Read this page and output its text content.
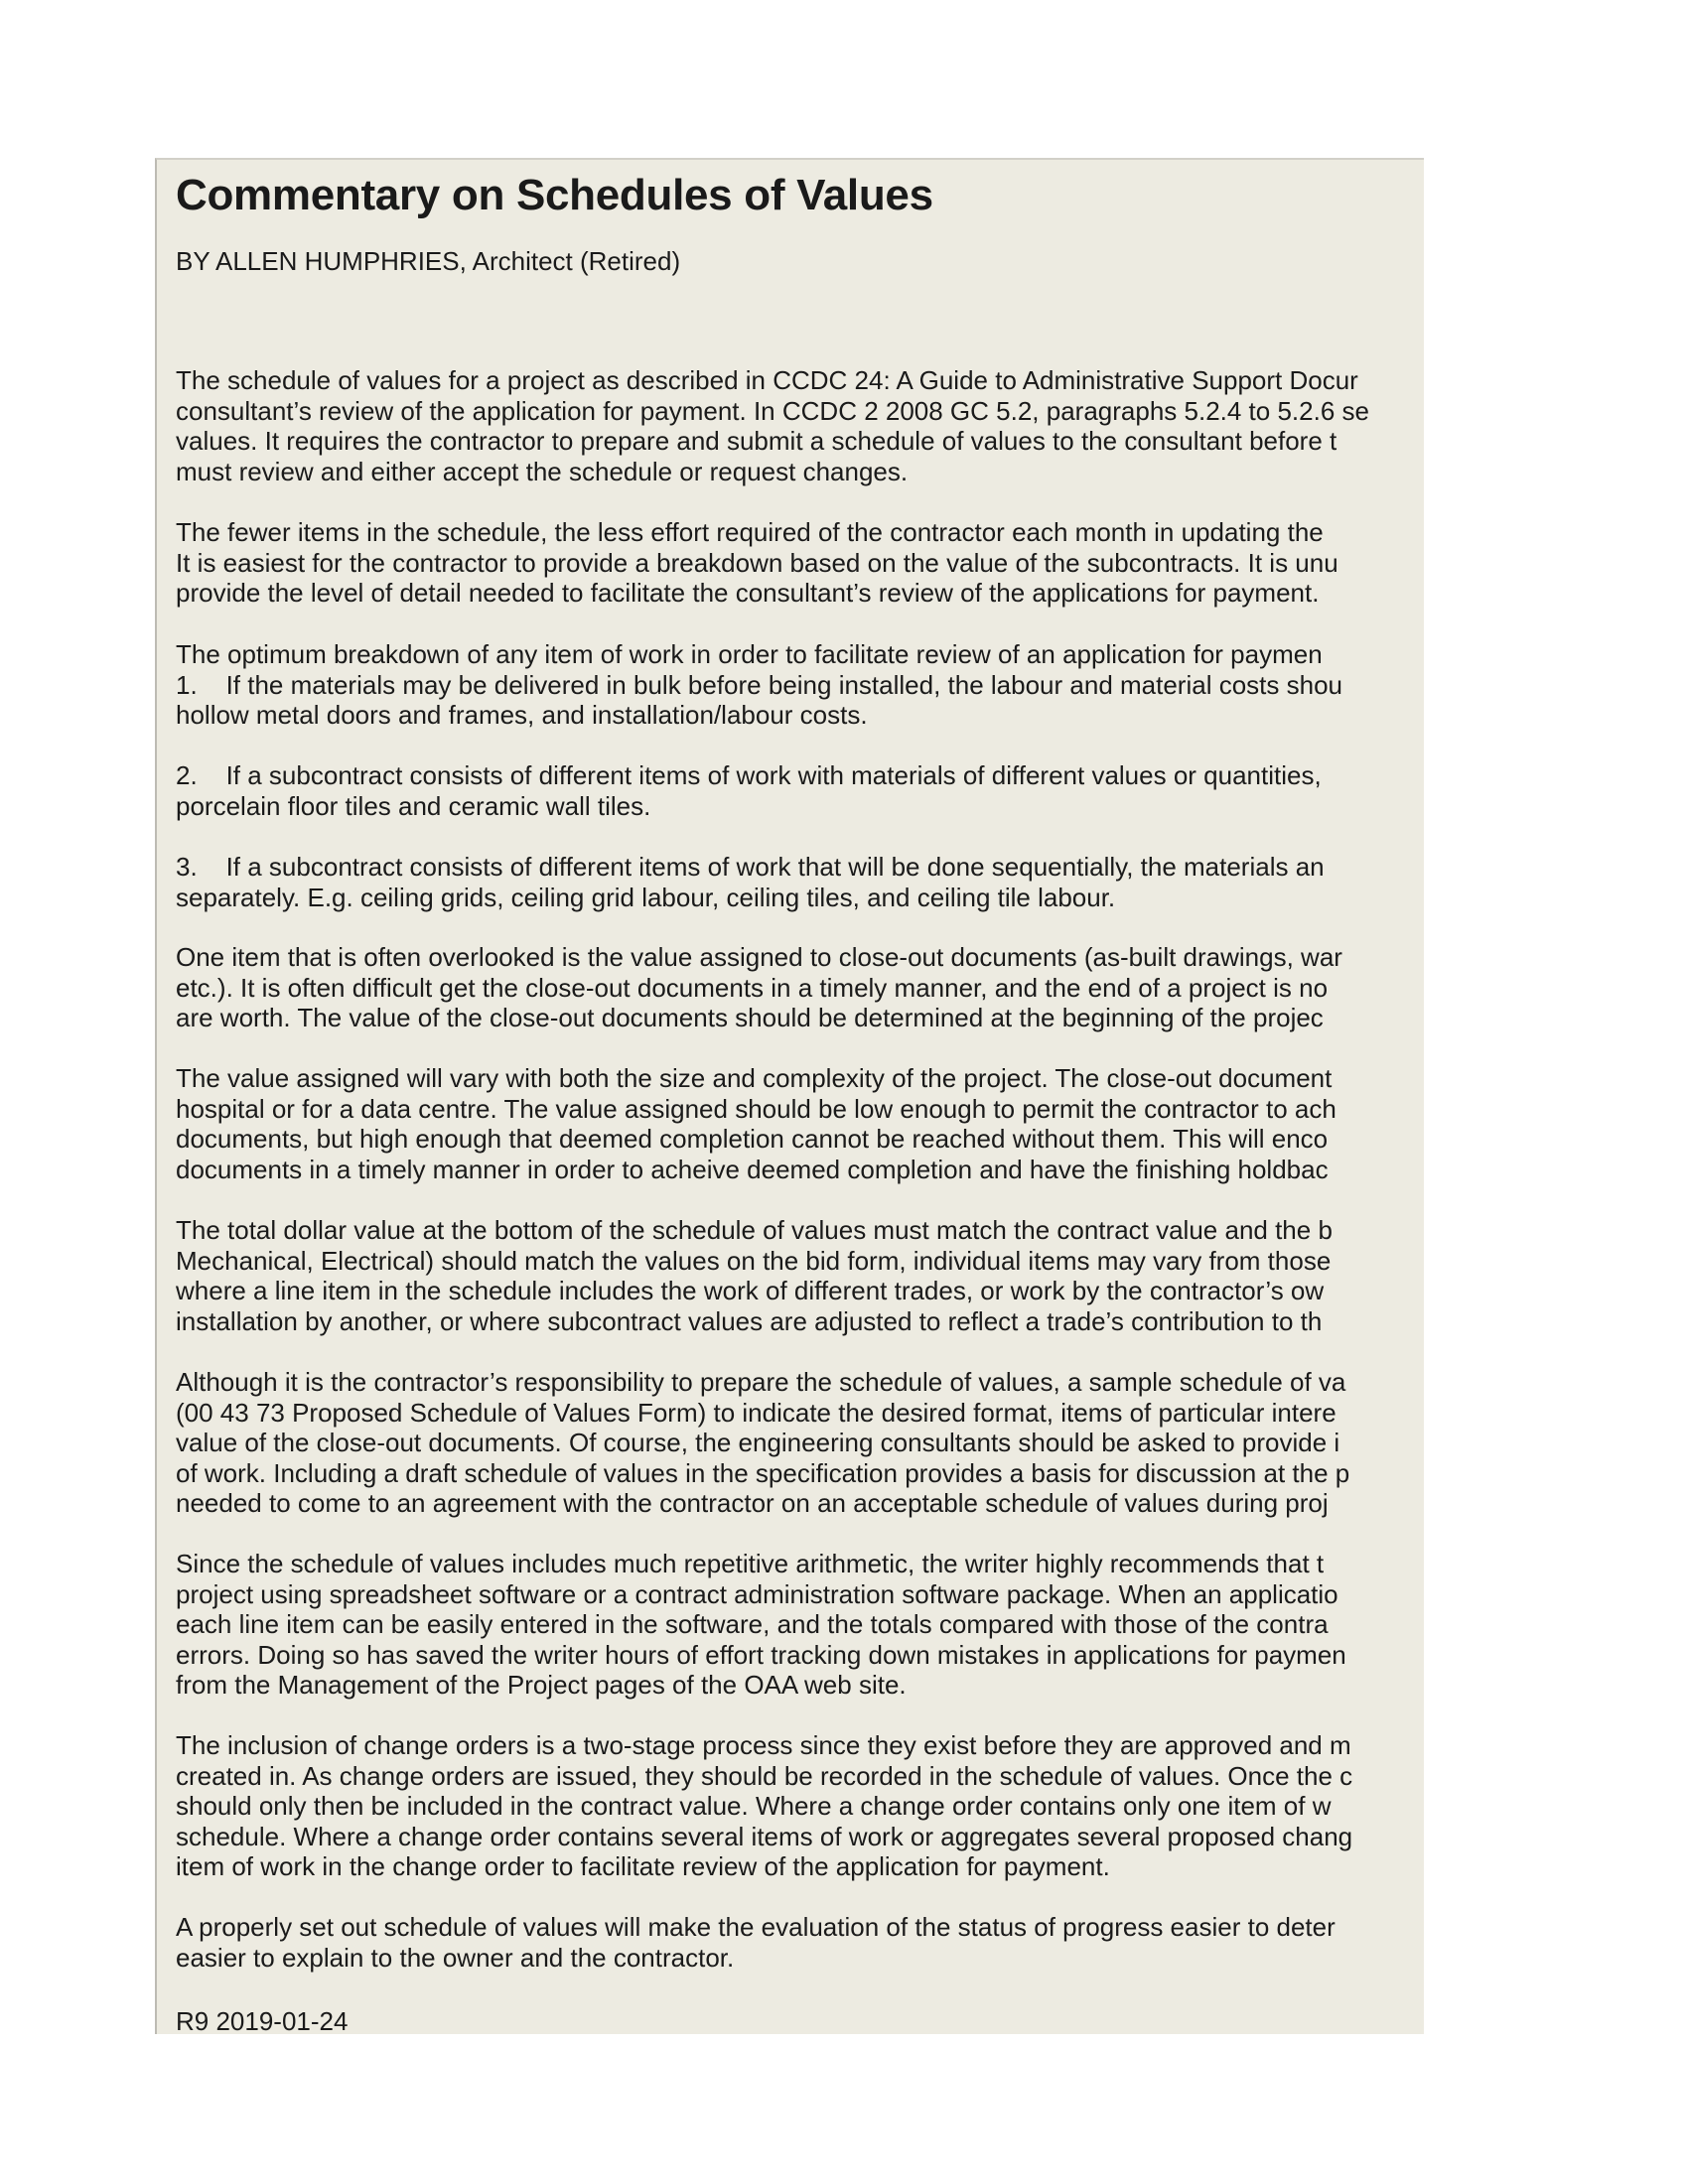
Commentary on Schedules of Values

BY ALLEN HUMPHRIES, Architect (Retired)

The schedule of values for a project as described in CCDC 24: A Guide to Administrative Support Docur
consultant’s review of the application for payment. In CCDC 2 2008 GC 5.2, paragraphs 5.2.4 to 5.2.6 se
values. It requires the contractor to prepare and submit a schedule of values to the consultant before t
must review and either accept the schedule or request changes.
The fewer items in the schedule, the less effort required of the contractor each month in updating the
It is easiest for the contractor to provide a breakdown based on the value of the subcontracts. It is unu
provide the level of detail needed to facilitate the consultant’s review of the applications for payment.
The optimum breakdown of any item of work in order to facilitate review of an application for paymen
1.    If the materials may be delivered in bulk before being installed, the labour and material costs shou
hollow metal doors and frames, and installation/labour costs.
2.    If a subcontract consists of different items of work with materials of different values or quantities,
porcelain floor tiles and ceramic wall tiles.
3.    If a subcontract consists of different items of work that will be done sequentially, the materials an
separately. E.g. ceiling grids, ceiling grid labour, ceiling tiles, and ceiling tile labour.
One item that is often overlooked is the value assigned to close-out documents (as-built drawings, war
etc.). It is often difficult get the close-out documents in a timely manner, and the end of a project is no
are worth. The value of the close-out documents should be determined at the beginning of the projec
The value assigned will vary with both the size and complexity of the project. The close-out document
hospital or for a data centre. The value assigned should be low enough to permit the contractor to ach
documents, but high enough that deemed completion cannot be reached without them. This will enco
documents in a timely manner in order to acheive deemed completion and have the finishing holdbac
The total dollar value at the bottom of the schedule of values must match the contract value and the b
Mechanical, Electrical) should match the values on the bid form, individual items may vary from those
where a line item in the schedule includes the work of different trades, or work by the contractor’s ow
installation by another, or where subcontract values are adjusted to reflect a trade’s contribution to th
Although it is the contractor’s responsibility to prepare the schedule of values, a sample schedule of va
(00 43 73 Proposed Schedule of Values Form) to indicate the desired format, items of particular intere
value of the close-out documents. Of course, the engineering consultants should be asked to provide i
of work. Including a draft schedule of values in the specification provides a basis for discussion at the p
needed to come to an agreement with the contractor on an acceptable schedule of values during proj
Since the schedule of values includes much repetitive arithmetic, the writer highly recommends that t
project using spreadsheet software or a contract administration software package. When an applicatio
each line item can be easily entered in the software, and the totals compared with those of the contra
errors. Doing so has saved the writer hours of effort tracking down mistakes in applications for paymen
from the Management of the Project pages of the OAA web site.
The inclusion of change orders is a two-stage process since they exist before they are approved and m
created in. As change orders are issued, they should be recorded in the schedule of values. Once the c
should only then be included in the contract value. Where a change order contains only one item of w
schedule. Where a change order contains several items of work or aggregates several proposed chang
item of work in the change order to facilitate review of the application for payment.
A properly set out schedule of values will make the evaluation of the status of progress easier to deter
easier to explain to the owner and the contractor.

R9 2019-01-24
